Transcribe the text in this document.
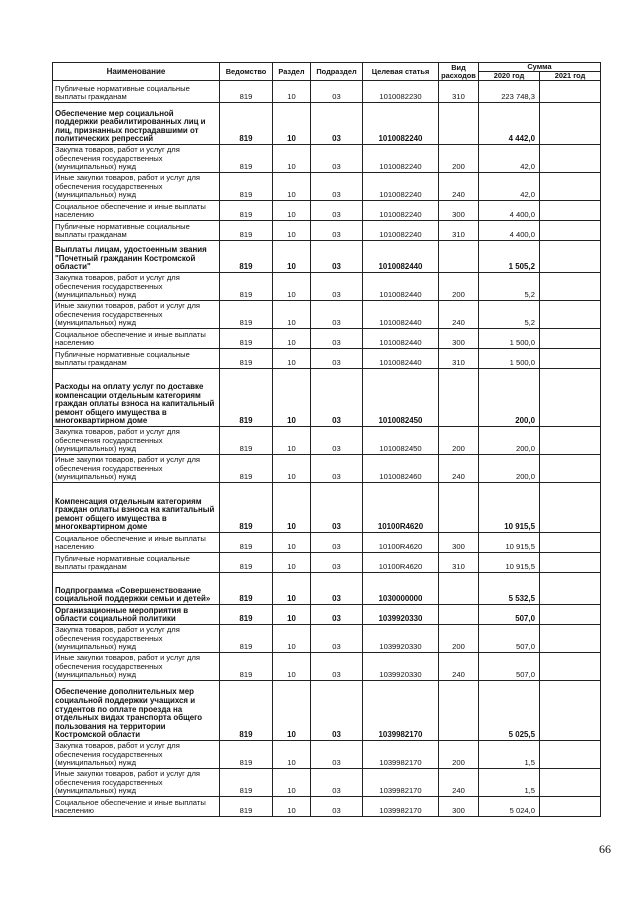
Наименование	Ведомство	Раздел	Подраздел	Целевая статья	Вид расходов	Сумма	
						2020 год	2021 год
Публичные нормативные социальные выплаты гражданам	819	10	03	1010082230	310	223 748,3	
Обеспечение мер социальной поддержки реабилитированных лиц и лиц, признанных пострадавшими от политических репрессий	819	10	03	1010082240		4 442,0	
Закупка товаров, работ и услуг для обеспечения государственных (муниципальных) нужд	819	10	03	1010082240	200	42,0	
Иные закупки товаров, работ и услуг для обеспечения государственных (муниципальных) нужд	819	10	03	1010082240	240	42,0	
Социальное обеспечение и иные выплаты населению	819	10	03	1010082240	300	4 400,0	
Публичные нормативные социальные выплаты гражданам	819	10	03	1010082240	310	4 400,0	
Выплаты лицам, удостоенным звания "Почетный гражданин Костромской области"	819	10	03	1010082440		1 505,2	
Закупка товаров, работ и услуг для обеспечения государственных (муниципальных) нужд	819	10	03	1010082440	200	5,2	
Иные закупки товаров, работ и услуг для обеспечения государственных (муниципальных) нужд	819	10	03	1010082440	240	5,2	
Социальное обеспечение и иные выплаты населению	819	10	03	1010082440	300	1 500,0	
Публичные нормативные социальные выплаты гражданам	819	10	03	1010082440	310	1 500,0	
Расходы на оплату услуг по доставке компенсации отдельным категориям граждан оплаты взноса на капитальный ремонт общего имущества в многоквартирном доме	819	10	03	1010082450		200,0	
Закупка товаров, работ и услуг для обеспечения государственных (муниципальных) нужд	819	10	03	1010082450	200	200,0	
Иные закупки товаров, работ и услуг для обеспечения государственных (муниципальных) нужд	819	10	03	1010082460	240	200,0	
Компенсация отдельным категориям граждан оплаты взноса на капитальный ремонт общего имущества в многоквартирном доме	819	10	03	10100R4620		10 915,5	
Социальное обеспечение и иные выплаты населению	819	10	03	10100R4620	300	10 915,5	
Публичные нормативные социальные выплаты гражданам	819	10	03	10100R4620	310	10 915,5	
Подпрограмма «Совершенствование социальной поддержки семьи и детей»	819	10	03	1030000000		5 532,5	
Организационные мероприятия в области социальной политики	819	10	03	1039920330		507,0	
Закупка товаров, работ и услуг для обеспечения государственных (муниципальных) нужд	819	10	03	1039920330	200	507,0	
Иные закупки товаров, работ и услуг для обеспечения государственных (муниципальных) нужд	819	10	03	1039920330	240	507,0	
Обеспечение дополнительных мер социальной поддержки учащихся и студентов по оплате проезда на отдельных видах транспорта общего пользования на территории Костромской области	819	10	03	1039982170		5 025,5	
Закупка товаров, работ и услуг для обеспечения государственных (муниципальных) нужд	819	10	03	1039982170	200	1,5	
Иные закупки товаров, работ и услуг для обеспечения государственных (муниципальных) нужд	819	10	03	1039982170	240	1,5	
Социальное обеспечение и иные выплаты населению	819	10	03	1039982170	300	5 024,0	
66
